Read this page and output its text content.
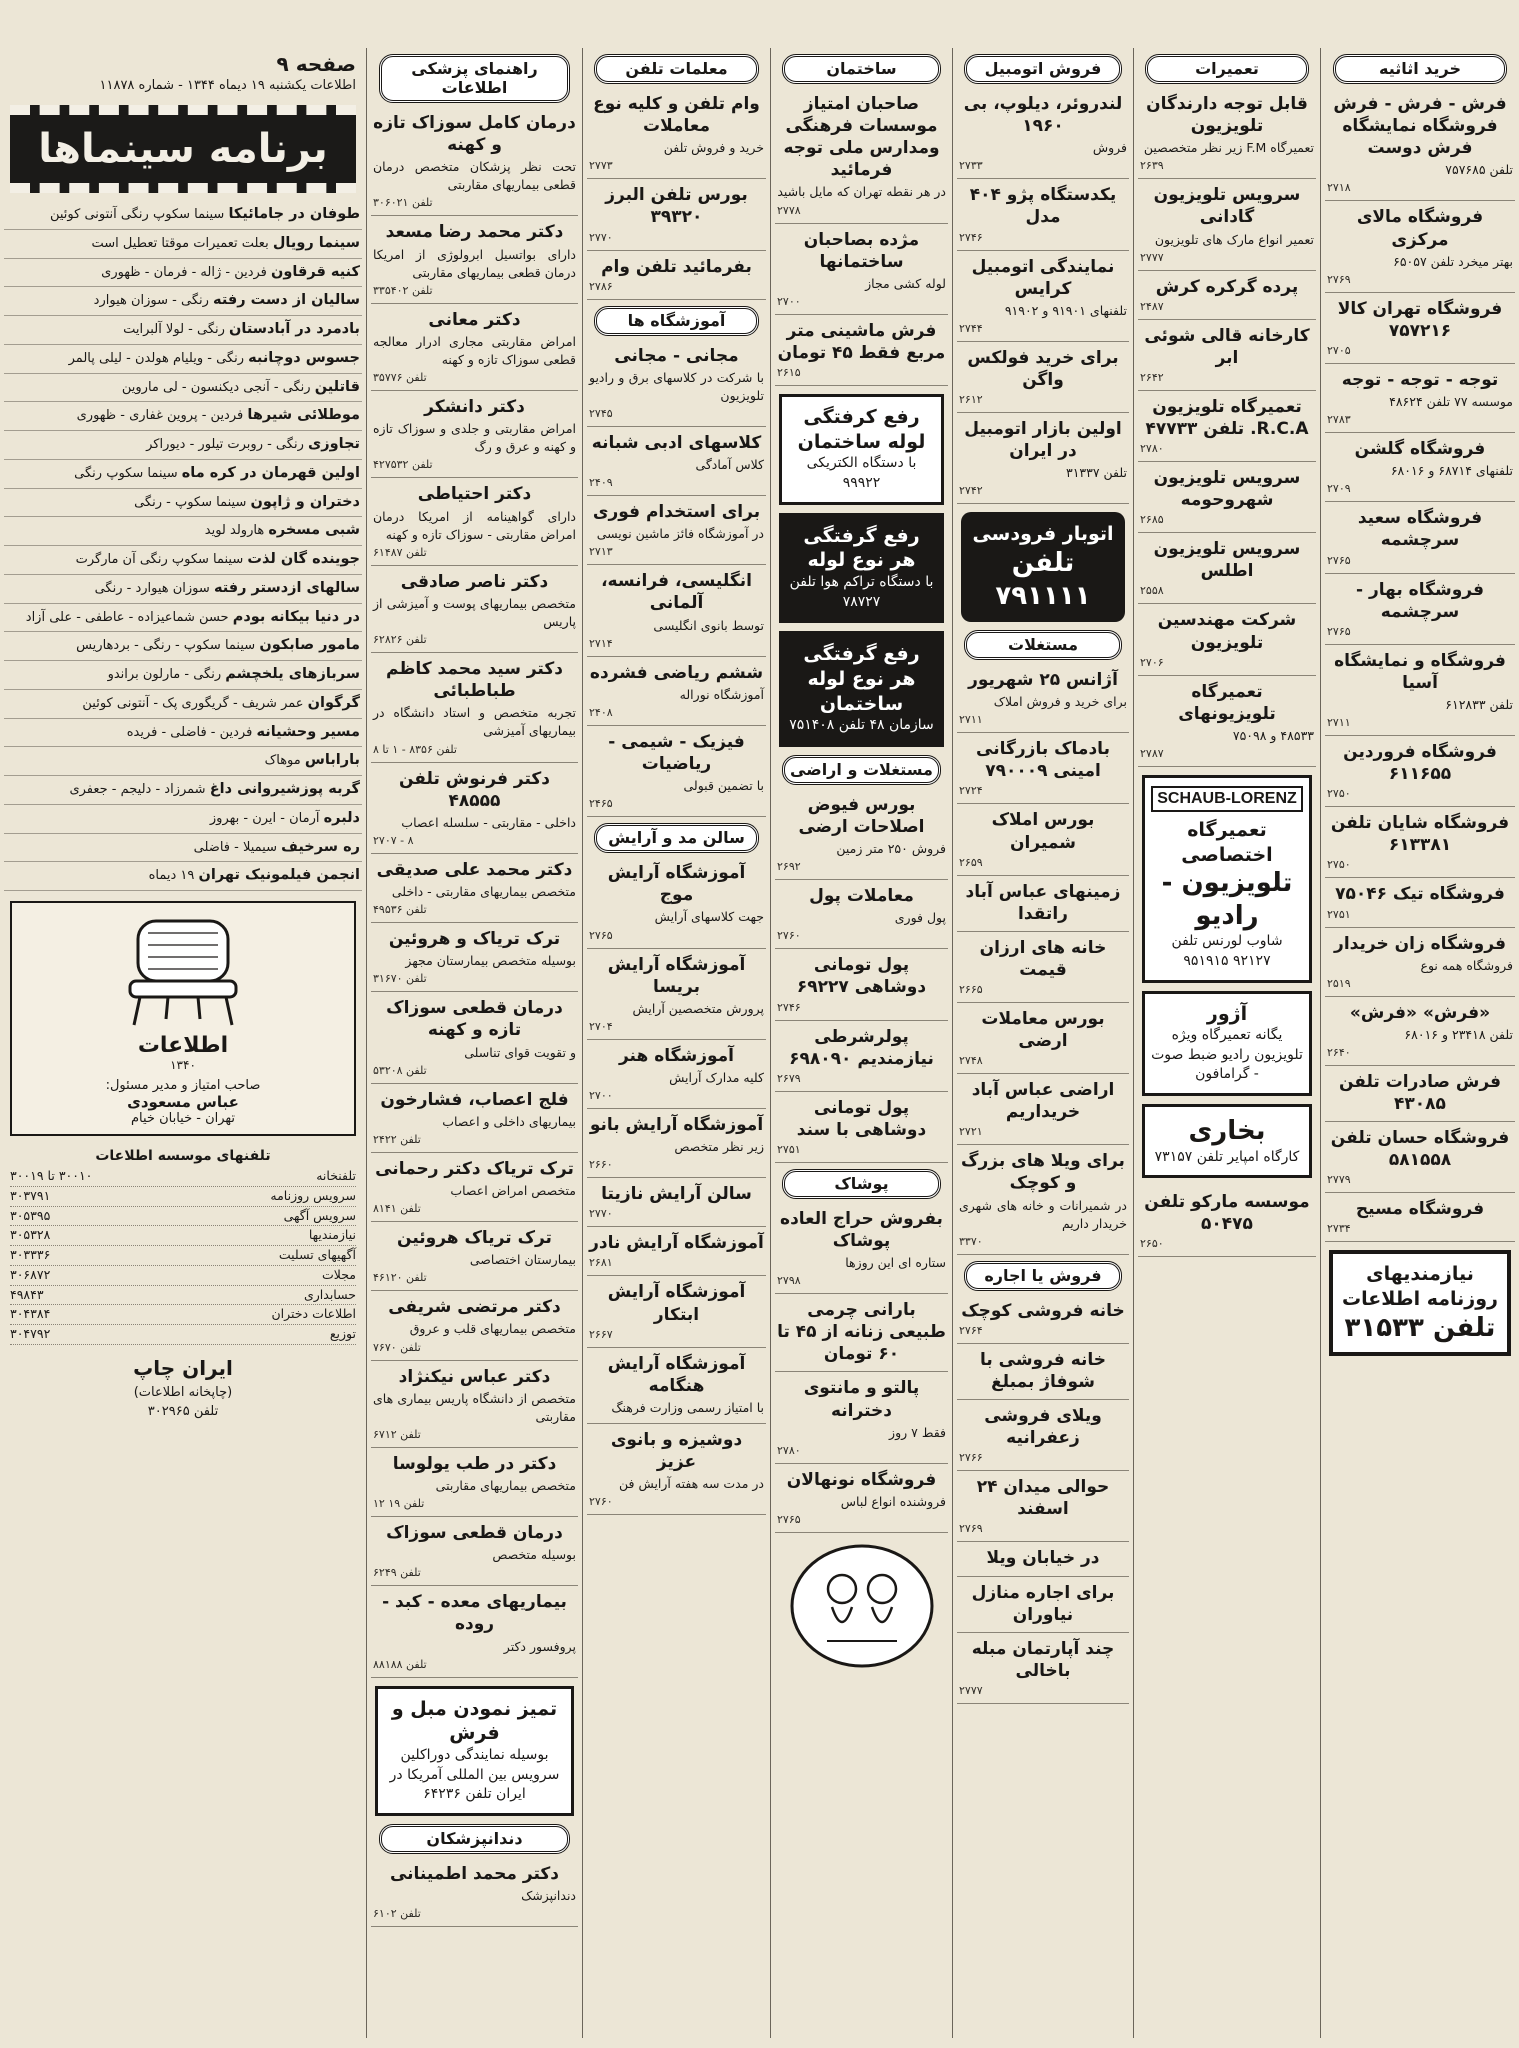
صفحه ۹
اطلاعات یکشنبه ۱۹ دیماه ۱۳۴۴ - شماره ۱۱۸۷۸
برنامه سینماها
طوفان در جامائیکا سینما سکوپ رنگی آنتونی کوئین
سینما رویال بعلت تعمیرات موقتا تعطیل است
کنیه قرقاون فردین - ژاله - فرمان - ظهوری
سالیان از دست رفته رنگی - سوزان هیوارد
بادمرد در آبادستان رنگی - لولا آلبرایت
جسوس دوچانبه رنگی - ویلیام هولدن - لیلی پالمر
قاتلین رنگی - آنجی دیکنسون - لی ماروین
موطلائی شیرها فردین - پروین غفاری - ظهوری
تجاوزی رنگی - روبرت تیلور - دیوراکر
اولین قهرمان در کره ماه سینما سکوپ رنگی
دختران و ژاپون سینما سکوپ - رنگی
شبی مسخره هارولد لوید
جوینده گان لذت سینما سکوپ رنگی آن مارگرت
سالهای ازدستر رفته سوزان هیوارد - رنگی
در دنیا بیکانه بودم حسن شماعیزاده - عاطفی - علی آزاد
مامور صابکون سینما سکوپ - رنگی - بردهاریس
سربازهای یلخچشم رنگی - مارلون براندو
گرگوان عمر شریف - گریگوری پک - آنتونی کوئین
مسیر وحشیانه فردین - فاضلی - فریده
باراباس موهاک
گربه پوزشیروانی داغ شمرزاد - دلیجم - جعفری
دلبره آرمان - ایرن - بهروز
ره سرخیف سیمیلا - فاضلی
انجمن فیلمونیک تهران ۱۹ دیماه
اطلاعات
۱۳۴۰
صاحب امتیاز و مدیر مسئول:
عباس مسعودی
تهران - خیابان خیام
تلفنهای موسسه اطلاعات
تلفنخانه
۳۰۰۱۰ تا ۳۰۰۱۹
سرویس روزنامه
۳۰۳۷۹۱
سرویس آگهی
۳۰۵۳۹۵
نیازمندیها
۳۰۵۳۲۸
آگهیهای تسلیت
۳۰۳۳۳۶
مجلات
۳۰۶۸۷۲
حسابداری
۴۹۸۴۳
اطلاعات دختران
۳۰۴۳۸۴
توزیع
۳۰۴۷۹۲
ایران چاپ
(چاپخانه اطلاعات)
تلفن ۳۰۲۹۶۵
راهنمای پزشکی اطلاعات
درمان کامل سوزاک تازه و کهنه
تحت نظر پزشکان متخصص درمان قطعی بیماریهای مقاربتی
تلفن ۳۰۶۰۲۱
دکتر محمد رضا مسعد
دارای بواتسیل ابرولوژی از امریکا درمان قطعی بیماریهای مقاربتی
تلفن ۳۳۵۴۰۲
دکتر معانی
امراض مقاربتی مجاری ادرار معالجه قطعی سوزاک تازه و کهنه
تلفن ۳۵۷۷۶
دکتر دانشکر
امراض مقاربتی و جلدی و سوزاک تازه و کهنه و عرق و رگ
تلفن ۴۲۷۵۳۲
دکتر احتیاطی
دارای گواهینامه از امریکا درمان امراض مقاربتی - سوزاک تازه و کهنه
تلفن ۶۱۴۸۷
دکتر ناصر صادقی
متخصص بیماریهای پوست و آمیزشی از پاریس
تلفن ۶۲۸۲۶
دکتر سید محمد کاظم طباطبائی
تجربه متخصص و استاد دانشگاه در بیماریهای آمیزشی
تلفن ۸۳۵۶ - ۱ تا ۸
دکتر فرنوش تلفن ۴۸۵۵۵
داخلی - مقاربتی - سلسله اعصاب
۲۷۰۷ - ۸
دکتر محمد علی صدیقی
متخصص بیماریهای مقاربتی - داخلی
تلفن ۴۹۵۳۶
ترک تریاک و هروئین
بوسیله متخصص بیمارستان مجهز
تلفن ۳۱۶۷۰
درمان قطعی سوزاک تازه و کهنه
و تقویت قوای تناسلی
تلفن ۵۳۲۰۸
فلج اعصاب، فشارخون
بیماریهای داخلی و اعصاب
تلفن ۲۴۲۲
ترک تریاک دکتر رحمانی
متخصص امراض اعصاب
تلفن ۸۱۴۱
ترک تریاک هروئین
بیمارستان اختصاصی
تلفن ۴۶۱۲۰
دکتر مرتضی شریفی
متخصص بیماریهای قلب و عروق
تلفن ۷۶۷۰
دکتر عباس نیکنژاد
متخصص از دانشگاه پاریس بیماری های مقاربتی
تلفن ۶۷۱۲
دکتر در طب یولوسا
متخصص بیماریهای مقاربتی
تلفن ۱۹ ۱۲
درمان قطعی سوزاک
بوسیله متخصص
تلفن ۶۲۴۹
بیماریهای معده - کبد - روده
پروفسور دکتر
تلفن ۸۸۱۸۸
تمیز نمودن مبل و فرش
بوسیله نمایندگی دوراکلین سرویس بین المللی آمریکا در ایران تلفن ۶۴۲۳۶
دندانپزشکان
دکتر محمد اطمینانی
دندانپزشک
تلفن ۶۱۰۲
معلمات تلفن
وام تلفن و کلیه نوع معاملات
خرید و فروش تلفن
۲۷۷۳
بورس تلفن البرز ۳۹۳۲۰
۲۷۷۰
بفرمائید تلفن وام
۲۷۸۶
آموزشگاه ها
مجانی - مجانی
با شرکت در کلاسهای برق و رادیو تلویزیون
۲۷۴۵
کلاسهای ادبی شبانه
کلاس آمادگی
۲۴۰۹
برای استخدام فوری
در آموزشگاه فائز ماشین نویسی
۲۷۱۳
انگلیسی، فرانسه، آلمانی
توسط بانوی انگلیسی
۲۷۱۴
ششم ریاضی فشرده
آموزشگاه نوراله
۲۴۰۸
فیزیک - شیمی - ریاضیات
با تضمین قبولی
۲۴۶۵
سالن مد و آرایش
آموزشگاه آرایش موج
جهت کلاسهای آرایش
۲۷۶۵
آموزشگاه آرایش بریسا
پرورش متخصصین آرایش
۲۷۰۴
آموزشگاه هنر
کلیه مدارک آرایش
۲۷۰۰
آموزشگاه آرایش بانو
زیر نظر متخصص
۲۶۶۰
سالن آرایش نازیتا
۲۷۷۰
آموزشگاه آرایش نادر
۲۶۸۱
آموزشگاه آرایش ابتکار
۲۶۶۷
آموزشگاه آرایش هنگامه
با امتیاز رسمی وزارت فرهنگ
دوشیزه و بانوی عزیز
در مدت سه هفته آرایش فن
۲۷۶۰
ساختمان
صاحبان امتیاز موسسات فرهنگی ومدارس ملی توجه فرمائید
در هر نقطه تهران که مایل باشید
۲۷۷۸
مژده بصاحبان ساختمانها
لوله کشی مجاز
۲۷۰۰
فرش ماشینی متر مربع فقط ۴۵ تومان
۲۶۱۵
رفع کرفتگی لوله ساختمان
با دستگاه الکتریکی ۹۹۹۲۲
رفع گرفتگی هر نوع لوله
با دستگاه تراکم هوا تلفن ۷۸۷۲۷
رفع گرفتگی هر نوع لوله ساختمان
سازمان ۴۸ تلفن ۷۵۱۴۰۸
مستغلات و اراضی
بورس فیوض اصلاحات ارضی
فروش ۲۵۰ متر زمین
۲۶۹۲
معاملات پول
پول فوری
۲۷۶۰
پول تومانی دوشاهی ۶۹۲۲۷
۲۷۴۶
پولرشرطی نیازمندیم ۶۹۸۰۹۰
۲۶۷۹
پول تومانی دوشاهی با سند
۲۷۵۱
پوشاک
بفروش حراج العاده پوشاک
ستاره ای این روزها
۲۷۹۸
بارانی چرمی طبیعی زنانه از ۴۵ تا ۶۰ تومان
پالتو و مانتوی دخترانه
فقط ۷ روز
۲۷۸۰
فروشگاه نونهالان
فروشنده انواع لباس
۲۷۶۵
فروش اتومبیل
لندروئر، دیلوپ، بی ۱۹۶۰
فروش
۲۷۳۳
یکدستگاه پژو ۴۰۴ مدل
۲۷۴۶
نمایندگی اتومبیل کرایس
تلفنهای ۹۱۹۰۱ و ۹۱۹۰۲
۲۷۴۴
برای خرید فولکس واگن
۲۶۱۲
اولین بازار اتومبیل در ایران
تلفن ۳۱۳۳۷
۲۷۴۲
اتوبار فرودسی
تلفن ۷۹۱۱۱۱
مستغلات
آژانس ۲۵ شهریور
برای خرید و فروش املاک
۲۷۱۱
بادماک بازرگانی امینی ۷۹۰۰۰۹
۲۷۲۴
بورس املاک شمیران
۲۶۵۹
زمینهای عباس آباد راتقدا
خانه های ارزان قیمت
۲۶۶۵
بورس معاملات ارضی
۲۷۴۸
اراضی عباس آباد خریداریم
۲۷۲۱
برای ویلا های بزرگ و کوچک
در شمیرانات و خانه های شهری خریدار داریم
۳۳۷۰
فروش یا اجاره
خانه فروشی کوچک
۲۷۶۴
خانه فروشی با شوفاژ بمبلغ
ویلای فروشی زعفرانیه
۲۷۶۶
حوالی میدان ۲۴ اسفند
۲۷۶۹
در خیابان ویلا
برای اجاره منازل نیاوران
چند آپارتمان مبله باخالی
۲۷۷۷
تعمیرات
قابل توجه دارندگان تلویزیون
تعمیرگاه F.M زیر نظر متخصصین
۲۶۳۹
سرویس تلویزیون گادانی
تعمیر انواع مارک های تلویزیون
۲۷۷۷
پرده گرکره کرش
۲۴۸۷
کارخانه قالی شوئی ابر
۲۶۴۲
تعمیرگاه تلویزیون R.C.A. تلفن ۴۷۷۳۳
۲۷۸۰
سرویس تلویزیون شهروحومه
۲۶۸۵
سرویس تلویزیون اطلس
۲۵۵۸
شرکت مهندسین تلویزیون
۲۷۰۶
تعمیرگاه تلویزیونهای
۴۸۵۳۳ و ۷۵۰۹۸
۲۷۸۷
SCHAUB-LORENZ
تعمیرگاه اختصاصی
تلویزیون - رادیو
شاوب لورنس تلفن ۹۲۱۲۷ ۹۵۱۹۱۵
آژور
یگانه تعمیرگاه ویژه تلویزیون رادیو ضبط صوت - گرامافون
بخاری
کارگاه امپایر تلفن ۷۳۱۵۷
موسسه مارکو تلفن ۵۰۴۷۵
۲۶۵۰
خرید اثاثیه
فرش - فرش - فرش فروشگاه نمایشگاه فرش دوست
تلفن ۷۵۷۶۸۵
۲۷۱۸
فروشگاه مالای مرکزی
بهتر میخرد تلفن ۶۵۰۵۷
۲۷۶۹
فروشگاه تهران کالا ۷۵۷۲۱۶
۲۷۰۵
توجه - توجه - توجه
موسسه ۷۷ تلفن ۴۸۶۲۴
۲۷۸۳
فروشگاه گلشن
تلفنهای ۶۸۷۱۴ و ۶۸۰۱۶
۲۷۰۹
فروشگاه سعید سرچشمه
۲۷۶۵
فروشگاه بهار - سرچشمه
۲۷۶۵
فروشگاه و نمایشگاه آسیا
تلفن ۶۱۲۸۳۳
۲۷۱۱
فروشگاه فروردین ۶۱۱۶۵۵
۲۷۵۰
فروشگاه شایان تلفن ۶۱۳۳۸۱
۲۷۵۰
فروشگاه تیک ۷۵۰۴۶
۲۷۵۱
فروشگاه زان خریدار
فروشگاه همه نوع
۲۵۱۹
«فرش» «فرش»
تلفن ۲۳۴۱۸ و ۶۸۰۱۶
۲۶۴۰
فرش صادرات تلفن ۴۳۰۸۵
فروشگاه حسان تلفن ۵۸۱۵۵۸
۲۷۷۹
فروشگاه مسیح
۲۷۳۴
نیازمندیهای روزنامه اطلاعات
تلفن ۳۱۵۳۳
